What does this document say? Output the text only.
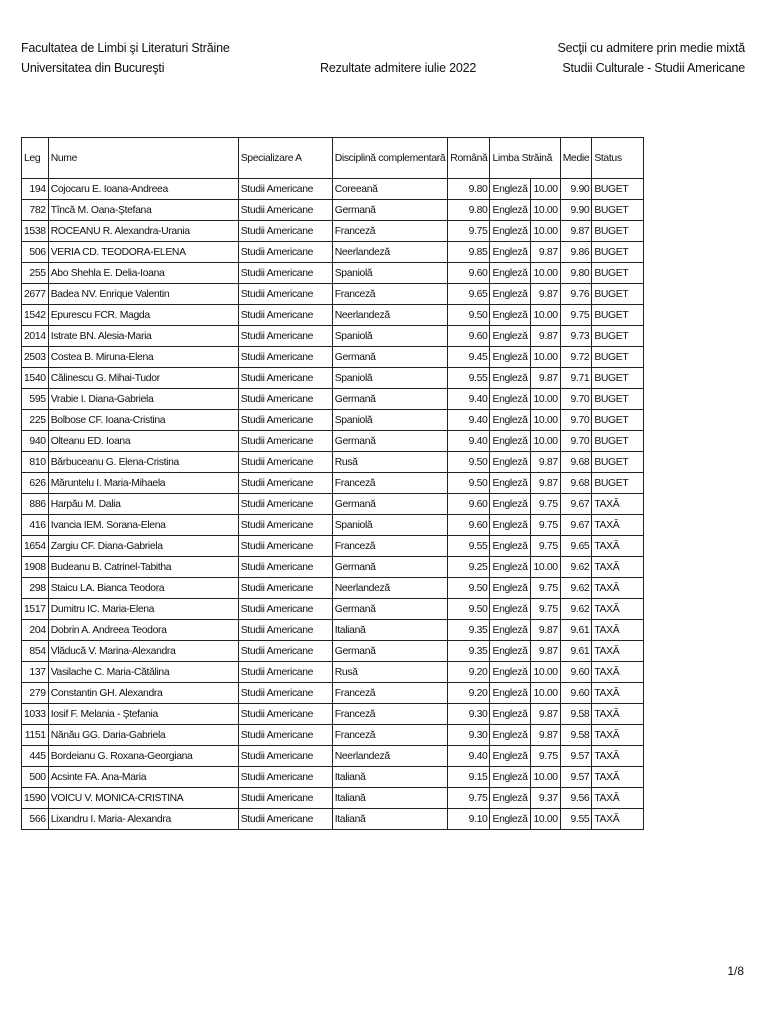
Facultatea de Limbi şi Literaturi Străine
Universitatea din Bucureşti	Rezultate admitere iulie 2022
Secţii cu admitere prin medie mixtă
Studii Culturale - Studii Americane
Leg	Nume	Specializare A	Disciplină complementară	Română	Limba Străină		Medie	Status
194	Cojocaru E. Ioana-Andreea	Studii Americane	Coreeană	9.80	Engleză	10.00	9.90	BUGET
782	Tîncă M. Oana-Ştefana	Studii Americane	Germană	9.80	Engleză	10.00	9.90	BUGET
1538	ROCEANU R. Alexandra-Urania	Studii Americane	Franceză	9.75	Engleză	10.00	9.87	BUGET
506	VERIA CD. TEODORA-ELENA	Studii Americane	Neerlandeză	9.85	Engleză	9.87	9.86	BUGET
255	Abo Shehla E. Delia-Ioana	Studii Americane	Spaniolă	9.60	Engleză	10.00	9.80	BUGET
2677	Badea NV. Enrique Valentin	Studii Americane	Franceză	9.65	Engleză	9.87	9.76	BUGET
1542	Epurescu FCR. Magda	Studii Americane	Neerlandeză	9.50	Engleză	10.00	9.75	BUGET
2014	Istrate BN. Alesia-Maria	Studii Americane	Spaniolă	9.60	Engleză	9.87	9.73	BUGET
2503	Costea B. Miruna-Elena	Studii Americane	Germană	9.45	Engleză	10.00	9.72	BUGET
1540	Călinescu G. Mihai-Tudor	Studii Americane	Spaniolă	9.55	Engleză	9.87	9.71	BUGET
595	Vrabie I. Diana-Gabriela	Studii Americane	Germană	9.40	Engleză	10.00	9.70	BUGET
225	Bolbose CF. Ioana-Cristina	Studii Americane	Spaniolă	9.40	Engleză	10.00	9.70	BUGET
940	Olteanu ED. Ioana	Studii Americane	Germană	9.40	Engleză	10.00	9.70	BUGET
810	Bărbuceanu G. Elena-Cristina	Studii Americane	Rusă	9.50	Engleză	9.87	9.68	BUGET
626	Măruntelu I. Maria-Mihaela	Studii Americane	Franceză	9.50	Engleză	9.87	9.68	BUGET
886	Harpău M. Dalia	Studii Americane	Germană	9.60	Engleză	9.75	9.67	TAXĂ
416	Ivancia IEM. Sorana-Elena	Studii Americane	Spaniolă	9.60	Engleză	9.75	9.67	TAXĂ
1654	Zargiu CF. Diana-Gabriela	Studii Americane	Franceză	9.55	Engleză	9.75	9.65	TAXĂ
1908	Budeanu B. Catrinel-Tabitha	Studii Americane	Germană	9.25	Engleză	10.00	9.62	TAXĂ
298	Staicu LA. Bianca Teodora	Studii Americane	Neerlandeză	9.50	Engleză	9.75	9.62	TAXĂ
1517	Dumitru IC. Maria-Elena	Studii Americane	Germană	9.50	Engleză	9.75	9.62	TAXĂ
204	Dobrin A. Andreea Teodora	Studii Americane	Italiană	9.35	Engleză	9.87	9.61	TAXĂ
854	Vlăducă V. Marina-Alexandra	Studii Americane	Germană	9.35	Engleză	9.87	9.61	TAXĂ
137	Vasilache C. Maria-Cătălina	Studii Americane	Rusă	9.20	Engleză	10.00	9.60	TAXĂ
279	Constantin GH. Alexandra	Studii Americane	Franceză	9.20	Engleză	10.00	9.60	TAXĂ
1033	Iosif F. Melania - Ştefania	Studii Americane	Franceză	9.30	Engleză	9.87	9.58	TAXĂ
1151	Nănău GG. Daria-Gabriela	Studii Americane	Franceză	9.30	Engleză	9.87	9.58	TAXĂ
445	Bordeianu G. Roxana-Georgiana	Studii Americane	Neerlandeză	9.40	Engleză	9.75	9.57	TAXĂ
500	Acsinte FA. Ana-Maria	Studii Americane	Italiană	9.15	Engleză	10.00	9.57	TAXĂ
1590	VOICU V. MONICA-CRISTINA	Studii Americane	Italiană	9.75	Engleză	9.37	9.56	TAXĂ
566	Lixandru I. Maria- Alexandra	Studii Americane	Italiană	9.10	Engleză	10.00	9.55	TAXĂ
1/8
